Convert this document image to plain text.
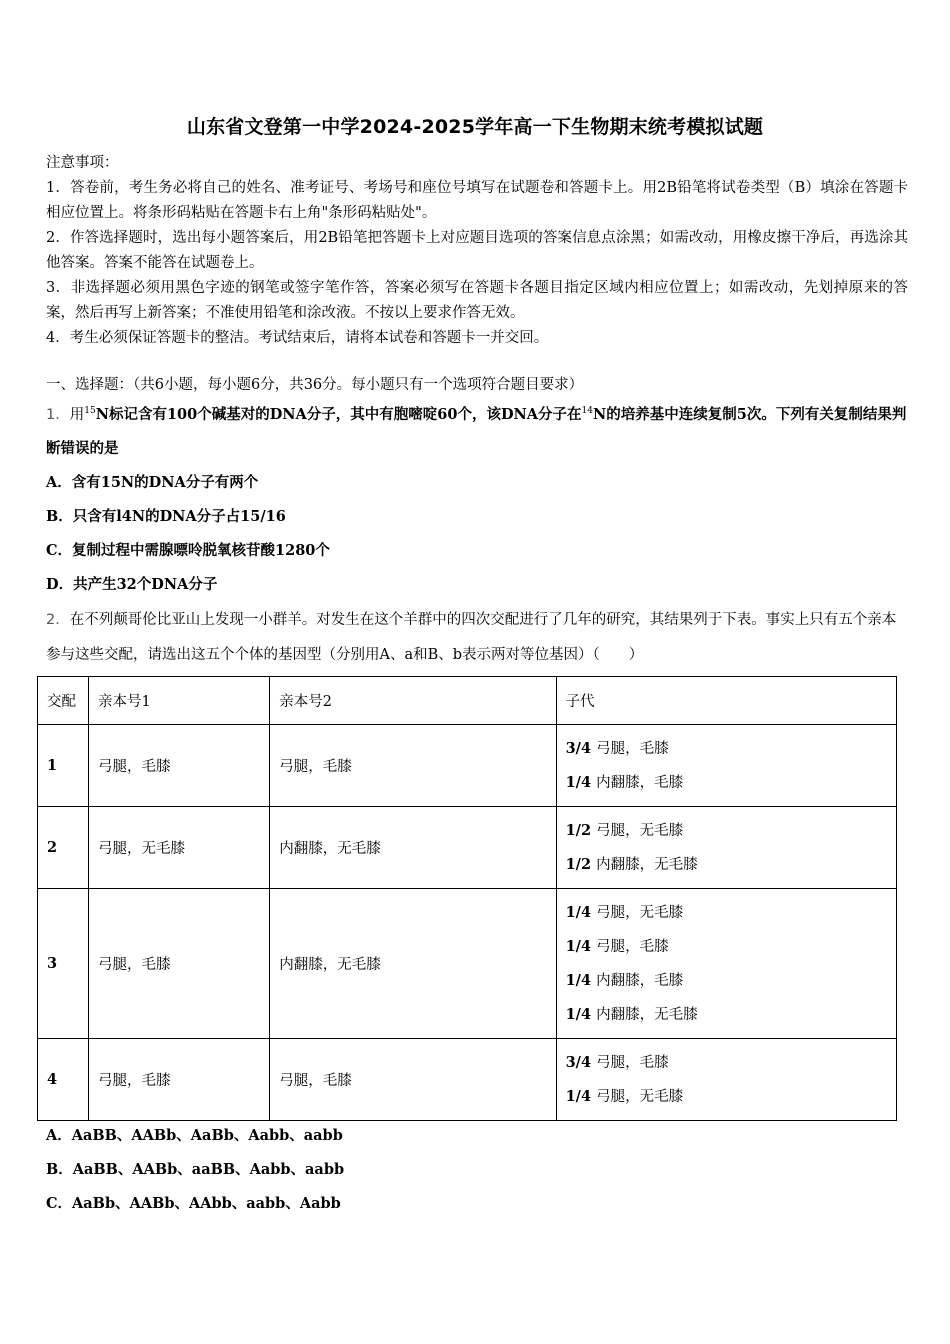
山东省文登第一中学2024-2025学年高一下生物期末统考模拟试题

注意事项：

1．答卷前，考生务必将自己的姓名、准考证号、考场号和座位号填写在试题卷和答题卡上。用2B铅笔将试卷类型（B）填涂在答题卡相应位置上。将条形码粘贴在答题卡右上角"条形码粘贴处"。

2．作答选择题时，选出每小题答案后，用2B铅笔把答题卡上对应题目选项的答案信息点涂黑；如需改动，用橡皮擦干净后，再选涂其他答案。答案不能答在试题卷上。

3．非选择题必须用黑色字迹的钢笔或签字笔作答，答案必须写在答题卡各题目指定区域内相应位置上；如需改动，先划掉原来的答案，然后再写上新答案；不准使用铅笔和涂改液。不按以上要求作答无效。

4．考生必须保证答题卡的整洁。考试结束后，请将本试卷和答题卡一并交回。

一、选择题：（共6小题，每小题6分，共36分。每小题只有一个选项符合题目要求）

1．用$^{15}$N标记含有100个碱基对的DNA分子，其中有胞嘧啶60个，该DNA分子在$^{14}$N的培养基中连续复制5次。下列有关复制结果判断错误的是

A．含有15N的DNA分子有两个
B．只含有l4N的DNA分子占15/16
C．复制过程中需腺嘌呤脱氧核苷酸1280个
D．共产生32个DNA分子

2．在不列颠哥伦比亚山上发现一小群羊。对发生在这个羊群中的四次交配进行了几年的研究，其结果列于下表。事实上只有五个亲本参与这些交配，请选出这五个个体的基因型（分别用A、a和B、b表示两对等位基因）（　　）

交配	亲本号1	亲本号2	子代
1	弓腿，毛膝	弓腿，毛膝	3/4 弓腿，毛膝
1/4 内翻膝，毛膝

2	弓腿，无毛膝	内翻膝，无毛膝	1/2 弓腿，无毛膝
1/2 内翻膝，无毛膝

3	弓腿，毛膝	内翻膝，无毛膝	1/4 弓腿，无毛膝
1/4 弓腿，毛膝
1/4 内翻膝，毛膝
1/4 内翻膝，无毛膝

4	弓腿，毛膝	弓腿，毛膝	3/4 弓腿，毛膝
1/4 弓腿，无毛膝
A．AaBB、AABb、AaBb、Aabb、aabb
B．AaBB、AABb、aaBB、Aabb、aabb
C．AaBb、AABb、AAbb、aabb、Aabb
